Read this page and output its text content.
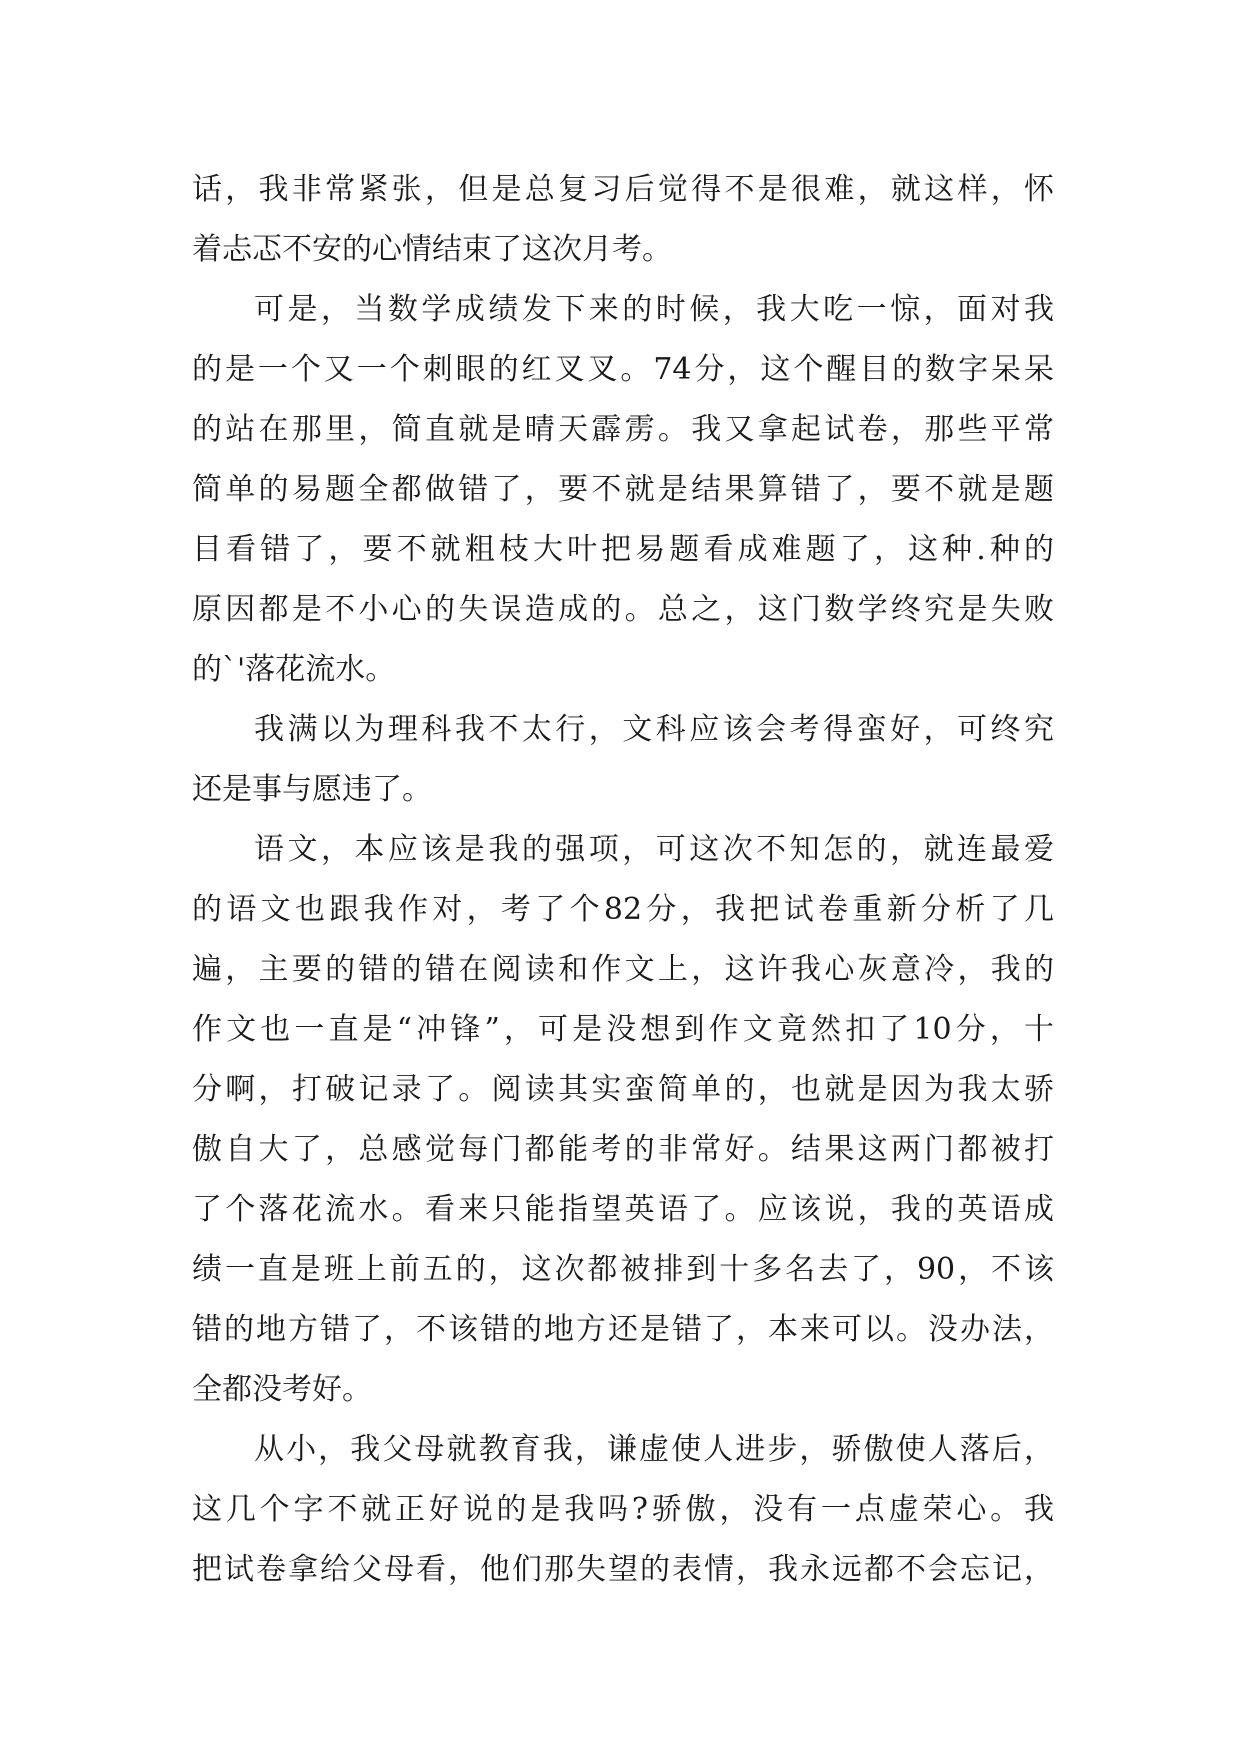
话，我非常紧张，但是总复习后觉得不是很难，就这样，怀
着忐忑不安的心情结束了这次月考。
可是，当数学成绩发下来的时候，我大吃一惊，面对我
的是一个又一个刺眼的红叉叉。74分，这个醒目的数字呆呆
的站在那里，简直就是晴天霹雳。我又拿起试卷，那些平常
简单的易题全都做错了，要不就是结果算错了，要不就是题
目看错了，要不就粗枝大叶把易题看成难题了，这种.种的
原因都是不小心的失误造成的。总之，这门数学终究是失败
的`'落花流水。
我满以为理科我不太行，文科应该会考得蛮好，可终究
还是事与愿违了。
语文，本应该是我的强项，可这次不知怎的，就连最爱
的语文也跟我作对，考了个82分，我把试卷重新分析了几
遍，主要的错的错在阅读和作文上，这许我心灰意冷，我的
作文也一直是“冲锋”，可是没想到作文竟然扣了10分，十
分啊，打破记录了。阅读其实蛮简单的，也就是因为我太骄
傲自大了，总感觉每门都能考的非常好。结果这两门都被打
了个落花流水。看来只能指望英语了。应该说，我的英语成
绩一直是班上前五的，这次都被排到十多名去了，90，不该
错的地方错了，不该错的地方还是错了，本来可以。没办法，
全都没考好。
从小，我父母就教育我，谦虚使人进步，骄傲使人落后，
这几个字不就正好说的是我吗?骄傲，没有一点虚荣心。我
把试卷拿给父母看，他们那失望的表情，我永远都不会忘记，
